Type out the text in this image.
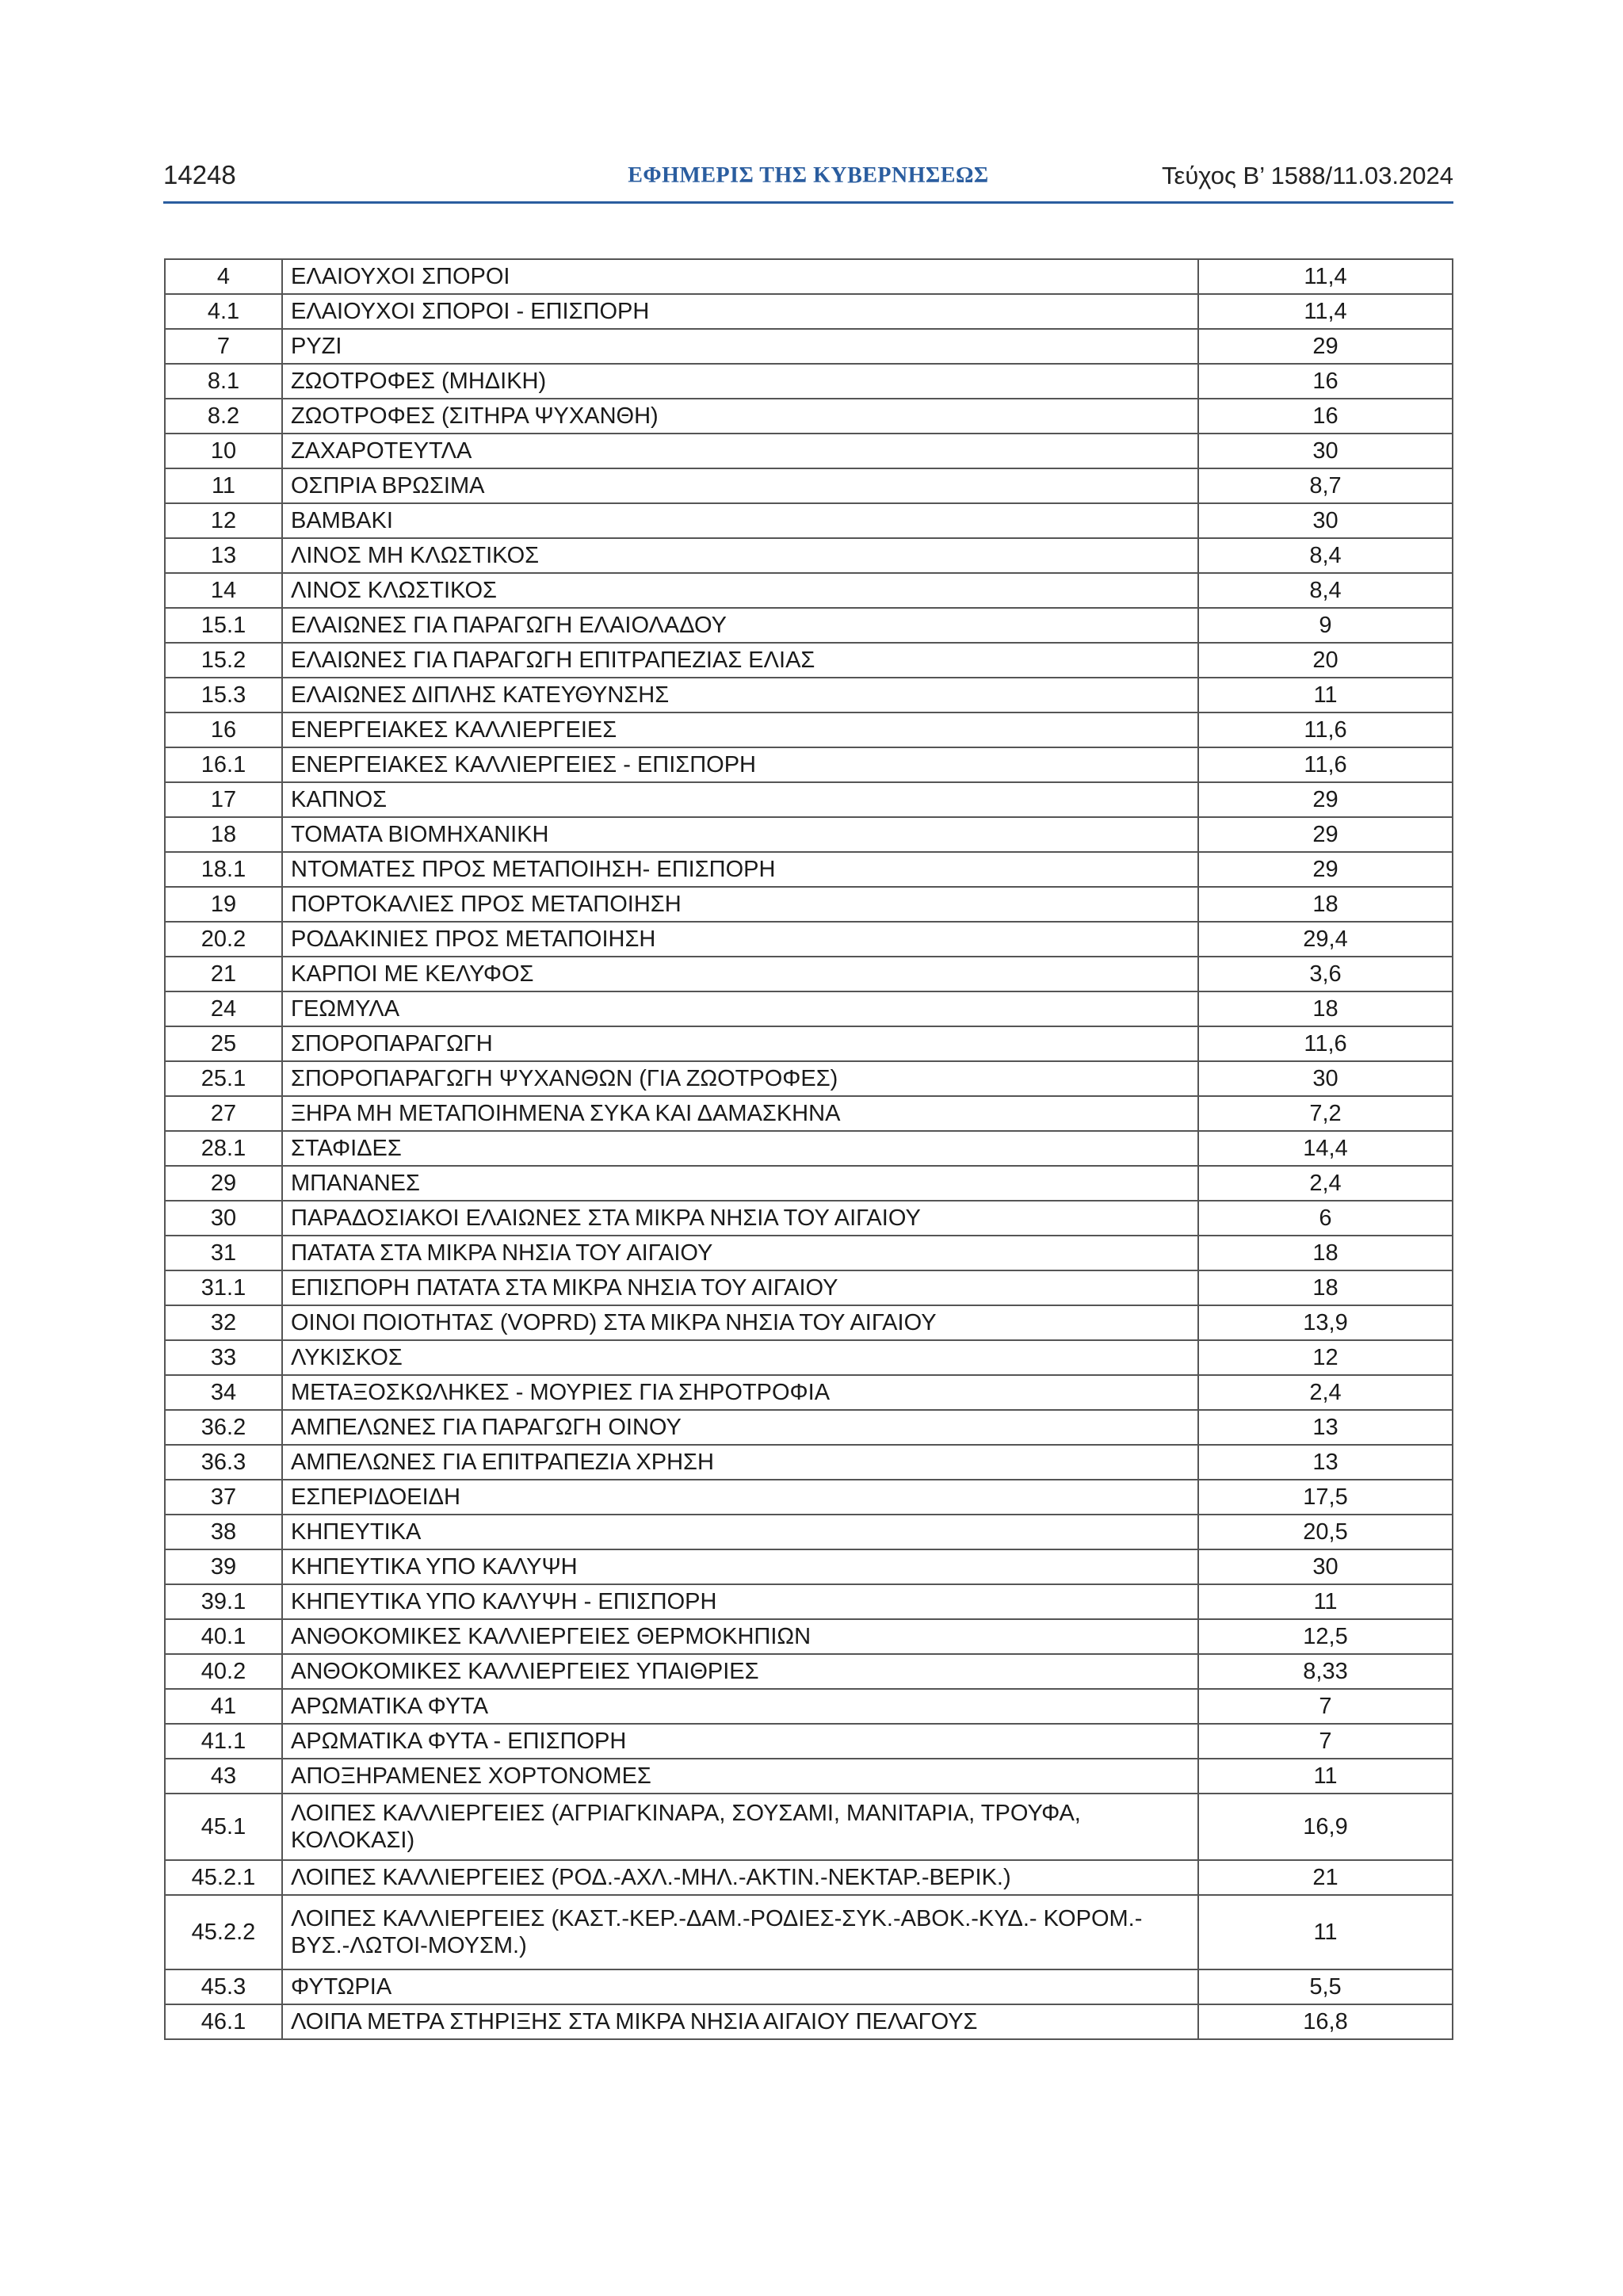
14248	ΕΦΗΜΕΡΙΣ ΤΗΣ ΚΥΒΕΡΝΗΣΕΩΣ	Τεύχος Β’ 1588/11.03.2024
4	ΕΛΑΙΟΥΧΟΙ ΣΠΟΡΟΙ	11,4
4.1	ΕΛΑΙΟΥΧΟΙ ΣΠΟΡΟΙ - ΕΠΙΣΠΟΡΗ	11,4
7	ΡΥΖΙ	29
8.1	ΖΩΟΤΡΟΦΕΣ (ΜΗΔΙΚΗ)	16
8.2	ΖΩΟΤΡΟΦΕΣ (ΣΙΤΗΡΑ ΨΥΧΑΝΘΗ)	16
10	ΖΑΧΑΡΟΤΕΥΤΛΑ	30
11	ΟΣΠΡΙΑ ΒΡΩΣΙΜΑ	8,7
12	ΒΑΜΒΑΚΙ	30
13	ΛΙΝΟΣ ΜΗ ΚΛΩΣΤΙΚΟΣ	8,4
14	ΛΙΝΟΣ ΚΛΩΣΤΙΚΟΣ	8,4
15.1	ΕΛΑΙΩΝΕΣ ΓΙΑ ΠΑΡΑΓΩΓΗ ΕΛΑΙΟΛΑΔΟΥ	9
15.2	ΕΛΑΙΩΝΕΣ ΓΙΑ ΠΑΡΑΓΩΓΗ ΕΠΙΤΡΑΠΕΖΙΑΣ ΕΛΙΑΣ	20
15.3	ΕΛΑΙΩΝΕΣ ΔΙΠΛΗΣ ΚΑΤΕΥΘΥΝΣΗΣ	11
16	ΕΝΕΡΓΕΙΑΚΕΣ ΚΑΛΛΙΕΡΓΕΙΕΣ	11,6
16.1	ΕΝΕΡΓΕΙΑΚΕΣ ΚΑΛΛΙΕΡΓΕΙΕΣ - ΕΠΙΣΠΟΡΗ	11,6
17	ΚΑΠΝΟΣ	29
18	ΤΟΜΑΤΑ ΒΙΟΜΗΧΑΝΙΚΗ	29
18.1	ΝΤΟΜΑΤΕΣ ΠΡΟΣ ΜΕΤΑΠΟΙΗΣΗ- ΕΠΙΣΠΟΡΗ	29
19	ΠΟΡΤΟΚΑΛΙΕΣ ΠΡΟΣ ΜΕΤΑΠΟΙΗΣΗ	18
20.2	ΡΟΔΑΚΙΝΙΕΣ ΠΡΟΣ ΜΕΤΑΠΟΙΗΣΗ	29,4
21	ΚΑΡΠΟΙ ΜΕ ΚΕΛΥΦΟΣ	3,6
24	ΓΕΩΜΥΛΑ	18
25	ΣΠΟΡΟΠΑΡΑΓΩΓΗ	11,6
25.1	ΣΠΟΡΟΠΑΡΑΓΩΓΗ ΨΥΧΑΝΘΩΝ (ΓΙΑ ΖΩΟΤΡΟΦΕΣ)	30
27	ΞΗΡΑ ΜΗ ΜΕΤΑΠΟΙΗΜΕΝΑ ΣΥΚΑ ΚΑΙ ΔΑΜΑΣΚΗΝΑ	7,2
28.1	ΣΤΑΦΙΔΕΣ	14,4
29	ΜΠΑΝΑΝΕΣ	2,4
30	ΠΑΡΑΔΟΣΙΑΚΟΙ ΕΛΑΙΩΝΕΣ ΣΤΑ ΜΙΚΡΑ ΝΗΣΙΑ ΤΟΥ ΑΙΓΑΙΟΥ	6
31	ΠΑΤΑΤΑ ΣΤΑ ΜΙΚΡΑ ΝΗΣΙΑ ΤΟΥ ΑΙΓΑΙΟΥ	18
31.1	ΕΠΙΣΠΟΡΗ ΠΑΤΑΤΑ ΣΤΑ ΜΙΚΡΑ ΝΗΣΙΑ ΤΟΥ ΑΙΓΑΙΟΥ	18
32	ΟΙΝΟΙ ΠΟΙΟΤΗΤΑΣ (VOPRD) ΣΤΑ ΜΙΚΡΑ ΝΗΣΙΑ ΤΟΥ ΑΙΓΑΙΟΥ	13,9
33	ΛΥΚΙΣΚΟΣ	12
34	ΜΕΤΑΞΟΣΚΩΛΗΚΕΣ - ΜΟΥΡΙΕΣ ΓΙΑ ΣΗΡΟΤΡΟΦΙΑ	2,4
36.2	ΑΜΠΕΛΩΝΕΣ ΓΙΑ ΠΑΡΑΓΩΓΗ ΟΙΝΟΥ	13
36.3	ΑΜΠΕΛΩΝΕΣ ΓΙΑ ΕΠΙΤΡΑΠΕΖΙΑ ΧΡΗΣΗ	13
37	ΕΣΠΕΡΙΔΟΕΙΔΗ	17,5
38	ΚΗΠΕΥΤΙΚΑ	20,5
39	ΚΗΠΕΥΤΙΚΑ ΥΠΟ ΚΑΛΥΨΗ	30
39.1	ΚΗΠΕΥΤΙΚΑ ΥΠΟ ΚΑΛΥΨΗ - ΕΠΙΣΠΟΡΗ	11
40.1	ΑΝΘΟΚΟΜΙΚΕΣ ΚΑΛΛΙΕΡΓΕΙΕΣ ΘΕΡΜΟΚΗΠΙΩΝ	12,5
40.2	ΑΝΘΟΚΟΜΙΚΕΣ ΚΑΛΛΙΕΡΓΕΙΕΣ ΥΠΑΙΘΡΙΕΣ	8,33
41	ΑΡΩΜΑΤΙΚΑ ΦΥΤΑ	7
41.1	ΑΡΩΜΑΤΙΚΑ ΦΥΤΑ - ΕΠΙΣΠΟΡΗ	7
43	ΑΠΟΞΗΡΑΜΕΝΕΣ ΧΟΡΤΟΝΟΜΕΣ	11
45.1	ΛΟΙΠΕΣ ΚΑΛΛΙΕΡΓΕΙΕΣ (ΑΓΡΙΑΓΚΙΝΑΡΑ, ΣΟΥΣΑΜΙ, ΜΑΝΙΤΑΡΙΑ, ΤΡΟΥΦΑ, ΚΟΛΟΚΑΣΙ)	16,9
45.2.1	ΛΟΙΠΕΣ ΚΑΛΛΙΕΡΓΕΙΕΣ (ΡΟΔ.-ΑΧΛ.-ΜΗΛ.-ΑΚΤΙΝ.-ΝΕΚΤΑΡ.-ΒΕΡΙΚ.)	21
45.2.2	ΛΟΙΠΕΣ ΚΑΛΛΙΕΡΓΕΙΕΣ (ΚΑΣΤ.-ΚΕΡ.-ΔΑΜ.-ΡΟΔΙΕΣ-ΣΥΚ.-ΑΒΟΚ.-ΚΥΔ.- ΚΟΡΟΜ.-ΒΥΣ.-ΛΩΤΟΙ-ΜΟΥΣΜ.)	11
45.3	ΦΥΤΩΡΙΑ	5,5
46.1	ΛΟΙΠΑ ΜΕΤΡΑ ΣΤΗΡΙΞΗΣ ΣΤΑ ΜΙΚΡΑ ΝΗΣΙΑ ΑΙΓΑΙΟΥ ΠΕΛΑΓΟΥΣ	16,8
